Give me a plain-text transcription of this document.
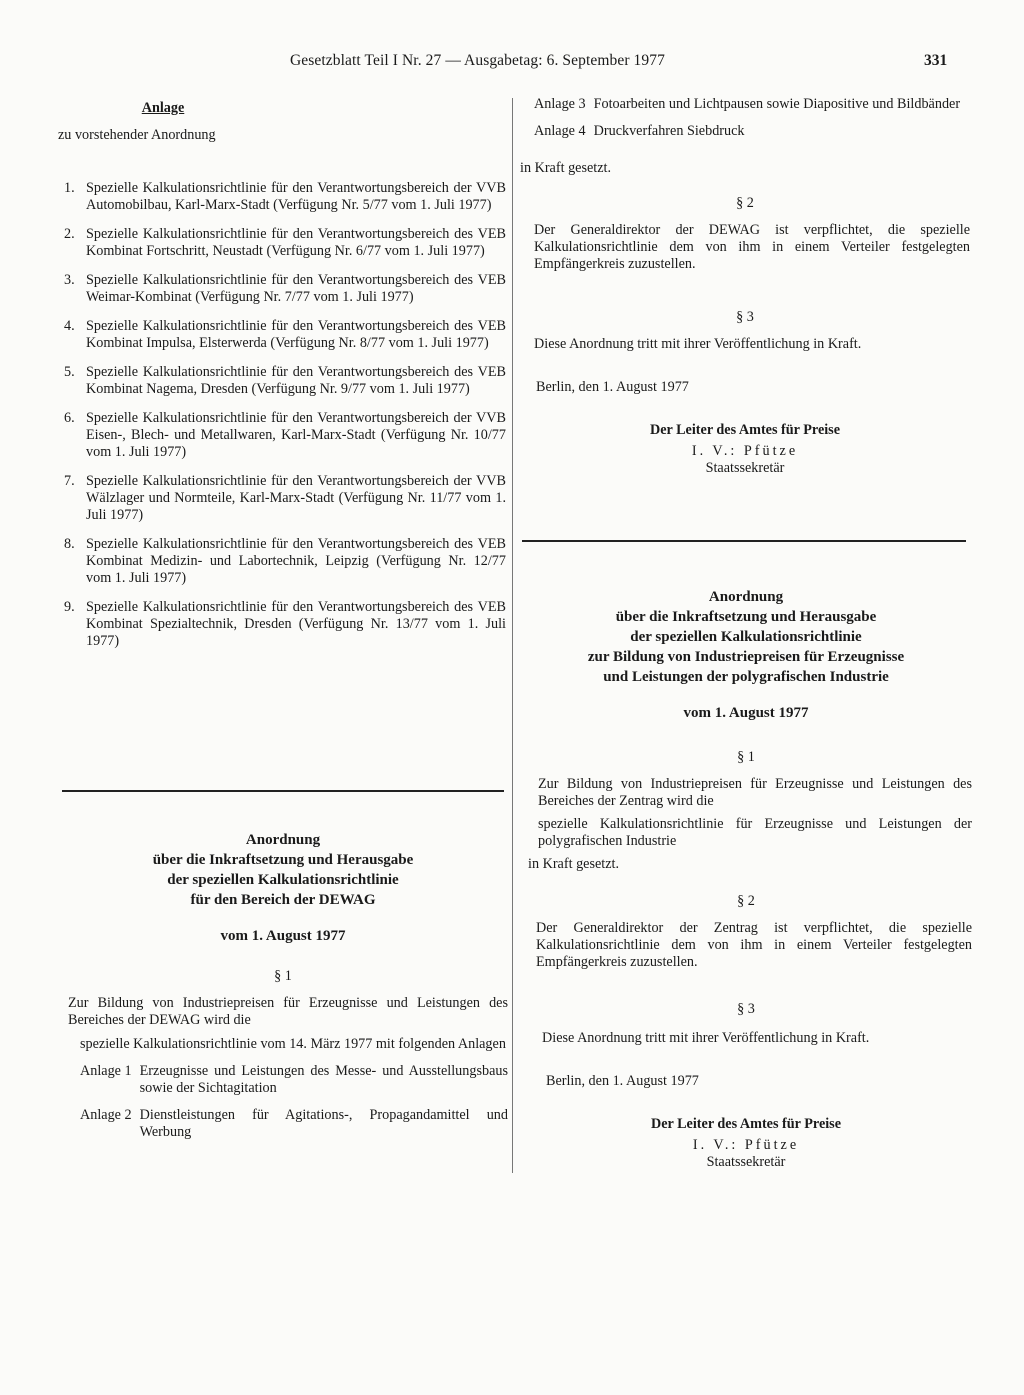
Gesetzblatt Teil I Nr. 27 — Ausgabetag: 6. September 1977	331
Anlage
zu vorstehender Anordnung
1. Spezielle Kalkulationsrichtlinie für den Verantwortungsbereich der VVB Automobilbau, Karl-Marx-Stadt (Verfügung Nr. 5/77 vom 1. Juli 1977)
2. Spezielle Kalkulationsrichtlinie für den Verantwortungsbereich des VEB Kombinat Fortschritt, Neustadt (Verfügung Nr. 6/77 vom 1. Juli 1977)
3. Spezielle Kalkulationsrichtlinie für den Verantwortungsbereich des VEB Weimar-Kombinat (Verfügung Nr. 7/77 vom 1. Juli 1977)
4. Spezielle Kalkulationsrichtlinie für den Verantwortungsbereich des VEB Kombinat Impulsa, Elsterwerda (Verfügung Nr. 8/77 vom 1. Juli 1977)
5. Spezielle Kalkulationsrichtlinie für den Verantwortungsbereich des VEB Kombinat Nagema, Dresden (Verfügung Nr. 9/77 vom 1. Juli 1977)
6. Spezielle Kalkulationsrichtlinie für den Verantwortungsbereich der VVB Eisen-, Blech- und Metallwaren, Karl-Marx-Stadt (Verfügung Nr. 10/77 vom 1. Juli 1977)
7. Spezielle Kalkulationsrichtlinie für den Verantwortungsbereich der VVB Wälzlager und Normteile, Karl-Marx-Stadt (Verfügung Nr. 11/77 vom 1. Juli 1977)
8. Spezielle Kalkulationsrichtlinie für den Verantwortungsbereich des VEB Kombinat Medizin- und Labortechnik, Leipzig (Verfügung Nr. 12/77 vom 1. Juli 1977)
9. Spezielle Kalkulationsrichtlinie für den Verantwortungsbereich des VEB Kombinat Spezialtechnik, Dresden (Verfügung Nr. 13/77 vom 1. Juli 1977)
Anordnung
über die Inkraftsetzung und Herausgabe
der speziellen Kalkulationsrichtlinie
für den Bereich der DEWAG
vom 1. August 1977
§ 1
Zur Bildung von Industriepreisen für Erzeugnisse und Leistungen des Bereiches der DEWAG wird die
spezielle Kalkulationsrichtlinie vom 14. März 1977 mit folgenden Anlagen
Anlage 1 Erzeugnisse und Leistungen des Messe- und Ausstellungsbaus sowie der Sichtagitation
Anlage 2 Dienstleistungen für Agitations-, Propagandamittel und Werbung
Anlage 3 Fotoarbeiten und Lichtpausen sowie Diapositive und Bildbänder
Anlage 4 Druckverfahren Siebdruck
in Kraft gesetzt.
§ 2
Der Generaldirektor der DEWAG ist verpflichtet, die spezielle Kalkulationsrichtlinie dem von ihm in einem Verteiler festgelegten Empfängerkreis zuzustellen.
§ 3
Diese Anordnung tritt mit ihrer Veröffentlichung in Kraft.
Berlin, den 1. August 1977
Der Leiter des Amtes für Preise
I. V.: Pfütze
Staatssekretär
Anordnung
über die Inkraftsetzung und Herausgabe
der speziellen Kalkulationsrichtlinie
zur Bildung von Industriepreisen für Erzeugnisse
und Leistungen der polygrafischen Industrie
vom 1. August 1977
§ 1
Zur Bildung von Industriepreisen für Erzeugnisse und Leistungen des Bereiches der Zentrag wird die
spezielle Kalkulationsrichtlinie für Erzeugnisse und Leistungen der polygrafischen Industrie
in Kraft gesetzt.
§ 2
Der Generaldirektor der Zentrag ist verpflichtet, die spezielle Kalkulationsrichtlinie dem von ihm in einem Verteiler festgelegten Empfängerkreis zuzustellen.
§ 3
Diese Anordnung tritt mit ihrer Veröffentlichung in Kraft.
Berlin, den 1. August 1977
Der Leiter des Amtes für Preise
I. V.: Pfütze
Staatssekretär
